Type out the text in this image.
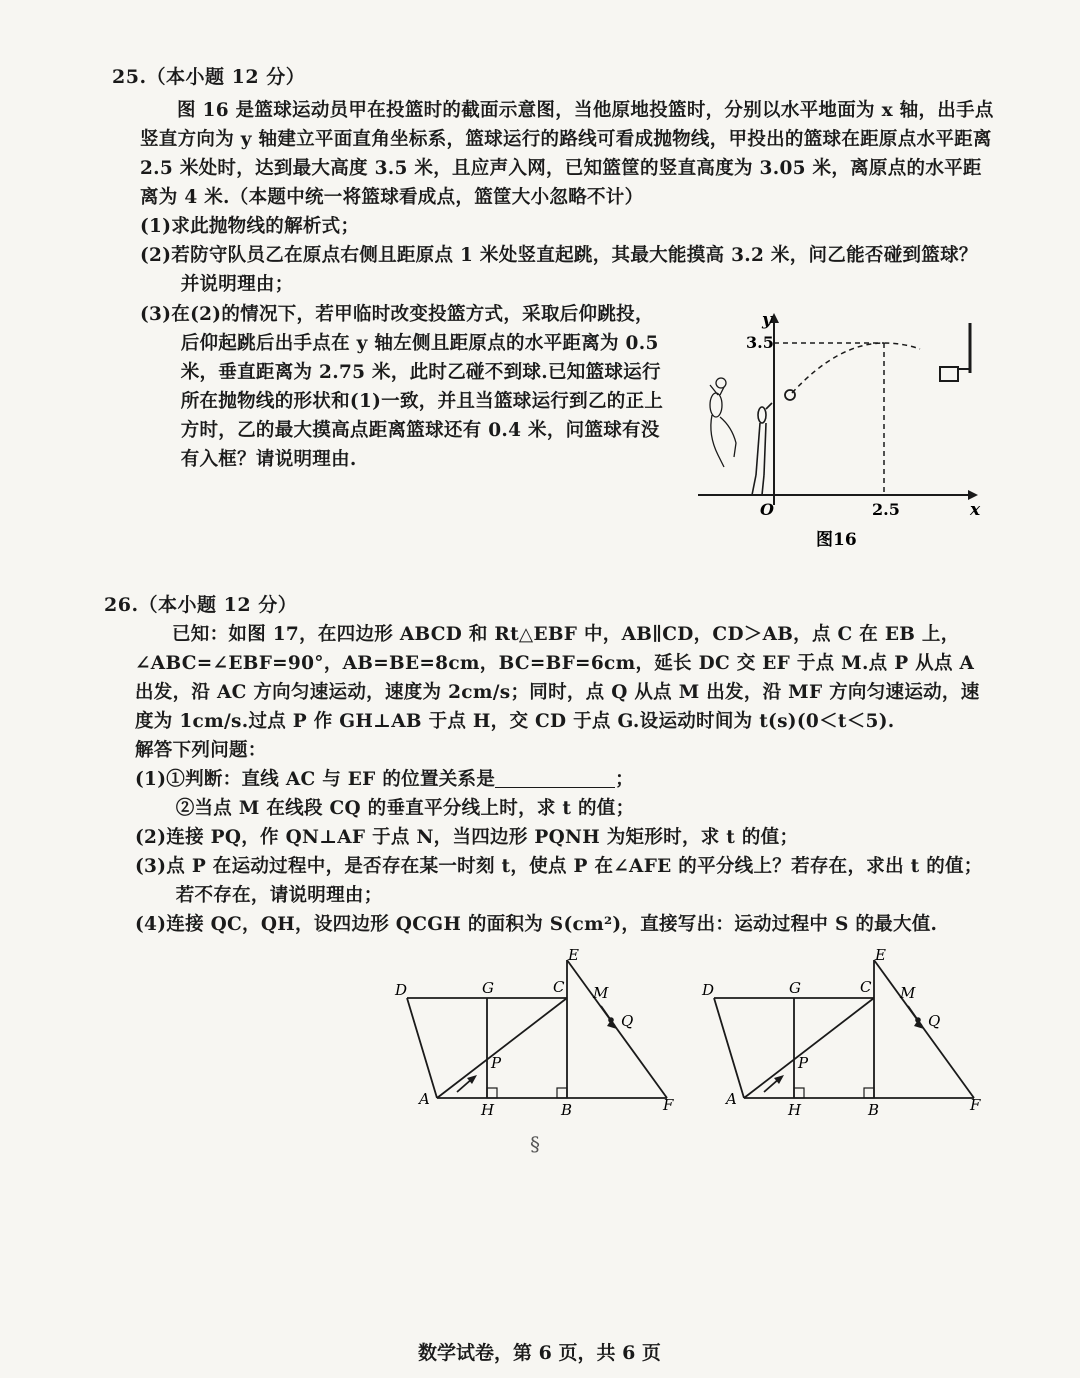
25.（本小题 12 分）

图 16 是篮球运动员甲在投篮时的截面示意图，当他原地投篮时，分别以水平地面为 x 轴，出手点竖直方向为 y 轴建立平面直角坐标系，篮球运行的路线可看成抛物线，甲投出的篮球在距原点水平距离 2.5 米处时，达到最大高度 3.5 米，且应声入网，已知篮筐的竖直高度为 3.05 米，离原点的水平距离为 4 米.（本题中统一将篮球看成点，篮筐大小忽略不计）

(1)求此抛物线的解析式；

(2)若防守队员乙在原点右侧且距原点 1 米处竖直起跳，其最大能摸高 3.2 米，问乙能否碰到篮球？并说明理由；

(3)在(2)的情况下，若甲临时改变投篮方式，采取后仰跳投，后仰起跳后出手点在 y 轴左侧且距原点的水平距离为 0.5 米，垂直距离为 2.75 米，此时乙碰不到球.已知篮球运行所在抛物线的形状和(1)一致，并且当篮球运行到乙的正上方时，乙的最大摸高点距离篮球还有 0.4 米，问篮球有没有入框？请说明理由.

y
3.5
x
2.5
O
图16
26.（本小题 12 分）

已知：如图 17，在四边形 ABCD 和 Rt△EBF 中，AB∥CD，CD＞AB，点 C 在 EB 上，∠ABC=∠EBF=90°，AB=BE=8cm，BC=BF=6cm，延长 DC 交 EF 于点 M.点 P 从点 A 出发，沿 AC 方向匀速运动，速度为 2cm/s；同时，点 Q 从点 M 出发，沿 MF 方向匀速运动，速度为 1cm/s.过点 P 作 GH⊥AB 于点 H，交 CD 于点 G.设运动时间为 t(s)(0＜t＜5).

解答下列问题：

(1)①判断：直线 AC 与 EF 的位置关系是	；

②当点 M 在线段 CQ 的垂直平分线上时，求 t 的值；

(2)连接 PQ，作 QN⊥AF 于点 N，当四边形 PQNH 为矩形时，求 t 的值；

(3)点 P 在运动过程中，是否存在某一时刻 t，使点 P 在∠AFE 的平分线上？若存在，求出 t 的值；若不存在，请说明理由；

(4)连接 QC，QH，设四边形 QCGH 的面积为 S(cm²)，直接写出：运动过程中 S 的最大值.

D	G	C
E
M
Q
P
A
H	B	F
D	G	C
E
M
Q
P
A
H	B	F
§
数学试卷，第 6 页，共 6 页
